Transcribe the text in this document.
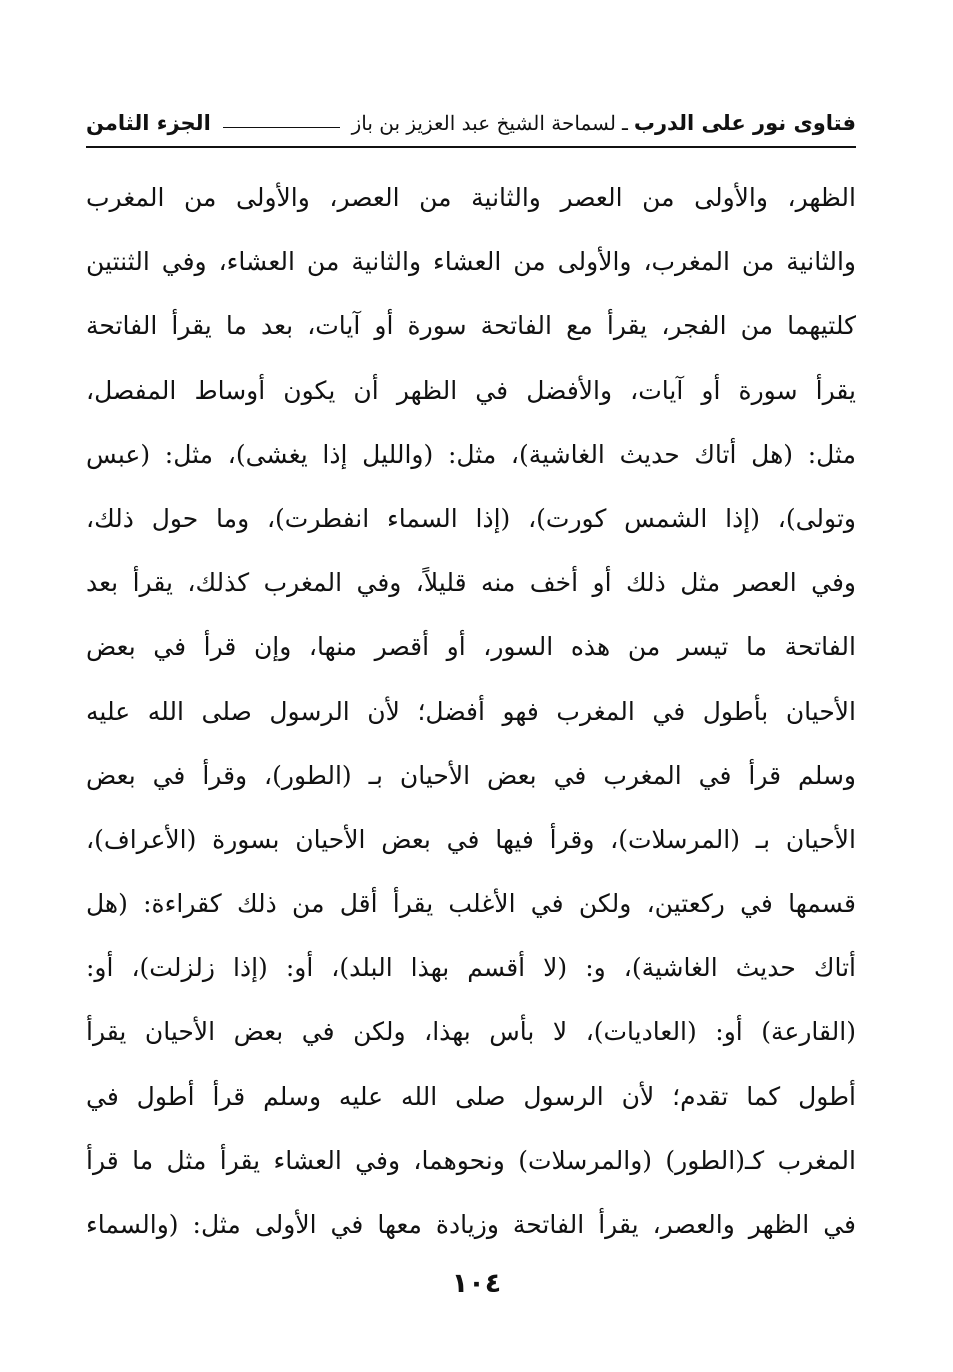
فتاوى نور على الدرب
ـ
لسماحة الشيخ عبد العزيز بن باز
الجزء الثامن
الظهر، والأولى من العصر والثانية من العصر، والأولى من المغرب
والثانية من المغرب، والأولى من العشاء والثانية من العشاء، وفي الثنتين
كلتيهما من الفجر، يقرأ مع الفاتحة سورة أو آيات، بعد ما يقرأ الفاتحة
يقرأ سورة أو آيات، والأفضل في الظهر أن يكون أوساط المفصل،
مثل: (هل أتاك حديث الغاشية)، مثل: (والليل إذا يغشى)، مثل: (عبس
وتولى)، (إذا الشمس كورت)، (إذا السماء انفطرت)، وما حول ذلك،
وفي العصر مثل ذلك أو أخف منه قليلاً، وفي المغرب كذلك، يقرأ بعد
الفاتحة ما تيسر من هذه السور، أو أقصر منها، وإن قرأ في بعض
الأحيان بأطول في المغرب فهو أفضل؛ لأن الرسول صلى الله عليه
وسلم قرأ في المغرب في بعض الأحيان بـ (الطور)، وقرأ في بعض
الأحيان بـ (المرسلات)، وقرأ فيها في بعض الأحيان بسورة (الأعراف)،
قسمها في ركعتين، ولكن في الأغلب يقرأ أقل من ذلك كقراءة: (هل
أتاك حديث الغاشية)، و: (لا أقسم بهذا البلد)، أو: (إذا زلزلت)، أو:
(القارعة) أو: (العاديات)، لا بأس بهذا، ولكن في بعض الأحيان يقرأ
أطول كما تقدم؛ لأن الرسول صلى الله عليه وسلم قرأ أطول في
المغرب كـ(الطور) (والمرسلات) ونحوهما، وفي العشاء يقرأ مثل ما قرأ
في الظهر والعصر، يقرأ الفاتحة وزيادة معها في الأولى مثل: (والسماء
١٠٤
